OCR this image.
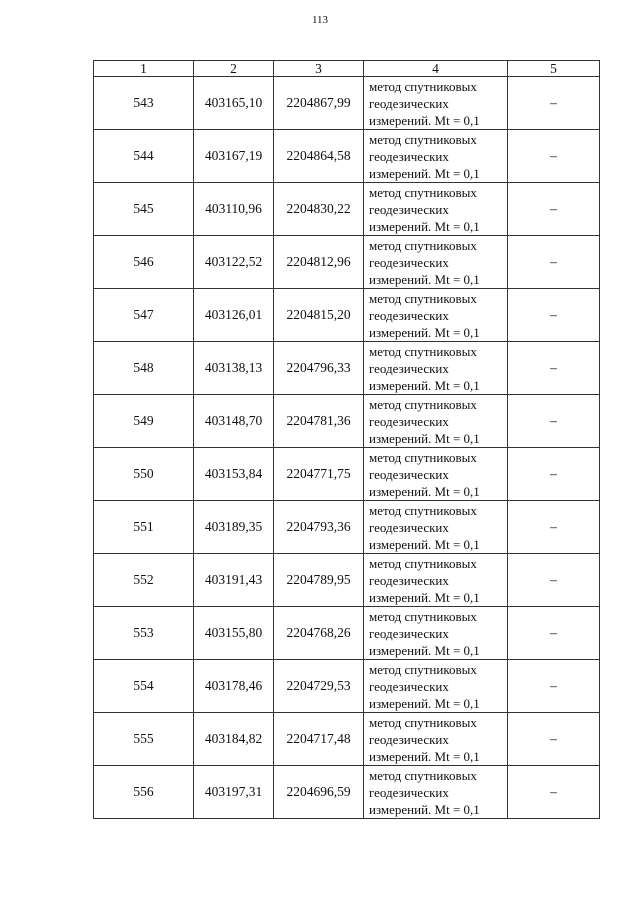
113
1	2	3	4	5
543	403165,10	2204867,99	метод спутниковых
геодезических
измерений. Mt = 0,1	–
544	403167,19	2204864,58	метод спутниковых
геодезических
измерений. Mt = 0,1	–
545	403110,96	2204830,22	метод спутниковых
геодезических
измерений. Mt = 0,1	–
546	403122,52	2204812,96	метод спутниковых
геодезических
измерений. Mt = 0,1	–
547	403126,01	2204815,20	метод спутниковых
геодезических
измерений. Mt = 0,1	–
548	403138,13	2204796,33	метод спутниковых
геодезических
измерений. Mt = 0,1	–
549	403148,70	2204781,36	метод спутниковых
геодезических
измерений. Mt = 0,1	–
550	403153,84	2204771,75	метод спутниковых
геодезических
измерений. Mt = 0,1	–
551	403189,35	2204793,36	метод спутниковых
геодезических
измерений. Mt = 0,1	–
552	403191,43	2204789,95	метод спутниковых
геодезических
измерений. Mt = 0,1	–
553	403155,80	2204768,26	метод спутниковых
геодезических
измерений. Mt = 0,1	–
554	403178,46	2204729,53	метод спутниковых
геодезических
измерений. Mt = 0,1	–
555	403184,82	2204717,48	метод спутниковых
геодезических
измерений. Mt = 0,1	–
556	403197,31	2204696,59	метод спутниковых
геодезических
измерений. Mt = 0,1	–
